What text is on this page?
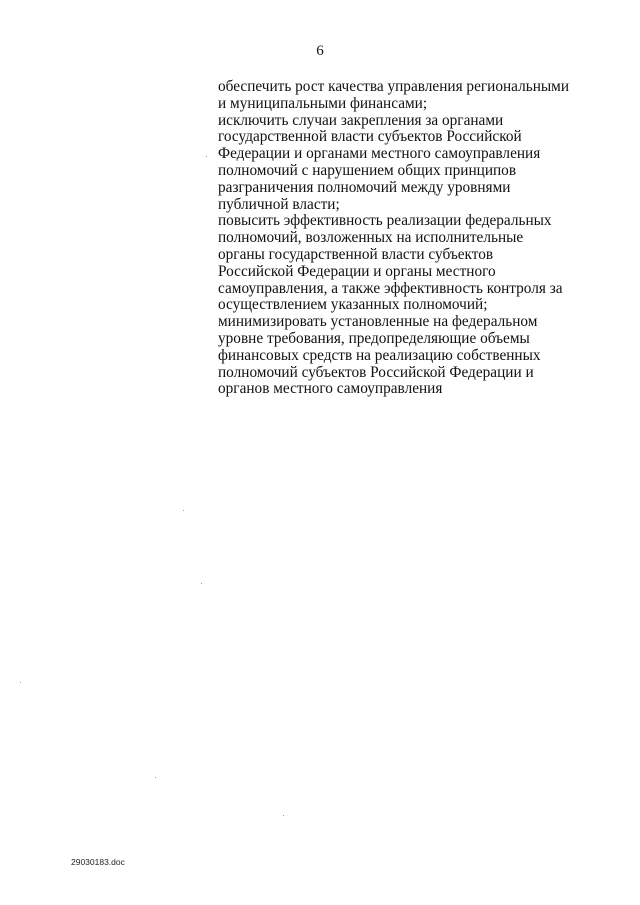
6
обеспечить рост качества управления региональными
и муниципальными финансами;
исключить случаи закрепления за органами
государственной власти субъектов Российской
Федерации и органами местного самоуправления
полномочий с нарушением общих принципов
разграничения полномочий между уровнями
публичной власти;
повысить эффективность реализации федеральных
полномочий, возложенных на исполнительные
органы государственной власти субъектов
Российской Федерации и органы местного
самоуправления, а также эффективность контроля за
осуществлением указанных полномочий;
минимизировать установленные на федеральном
уровне требования, предопределяющие объемы
финансовых средств на реализацию собственных
полномочий субъектов Российской Федерации и
органов местного самоуправления
29030183.doc
